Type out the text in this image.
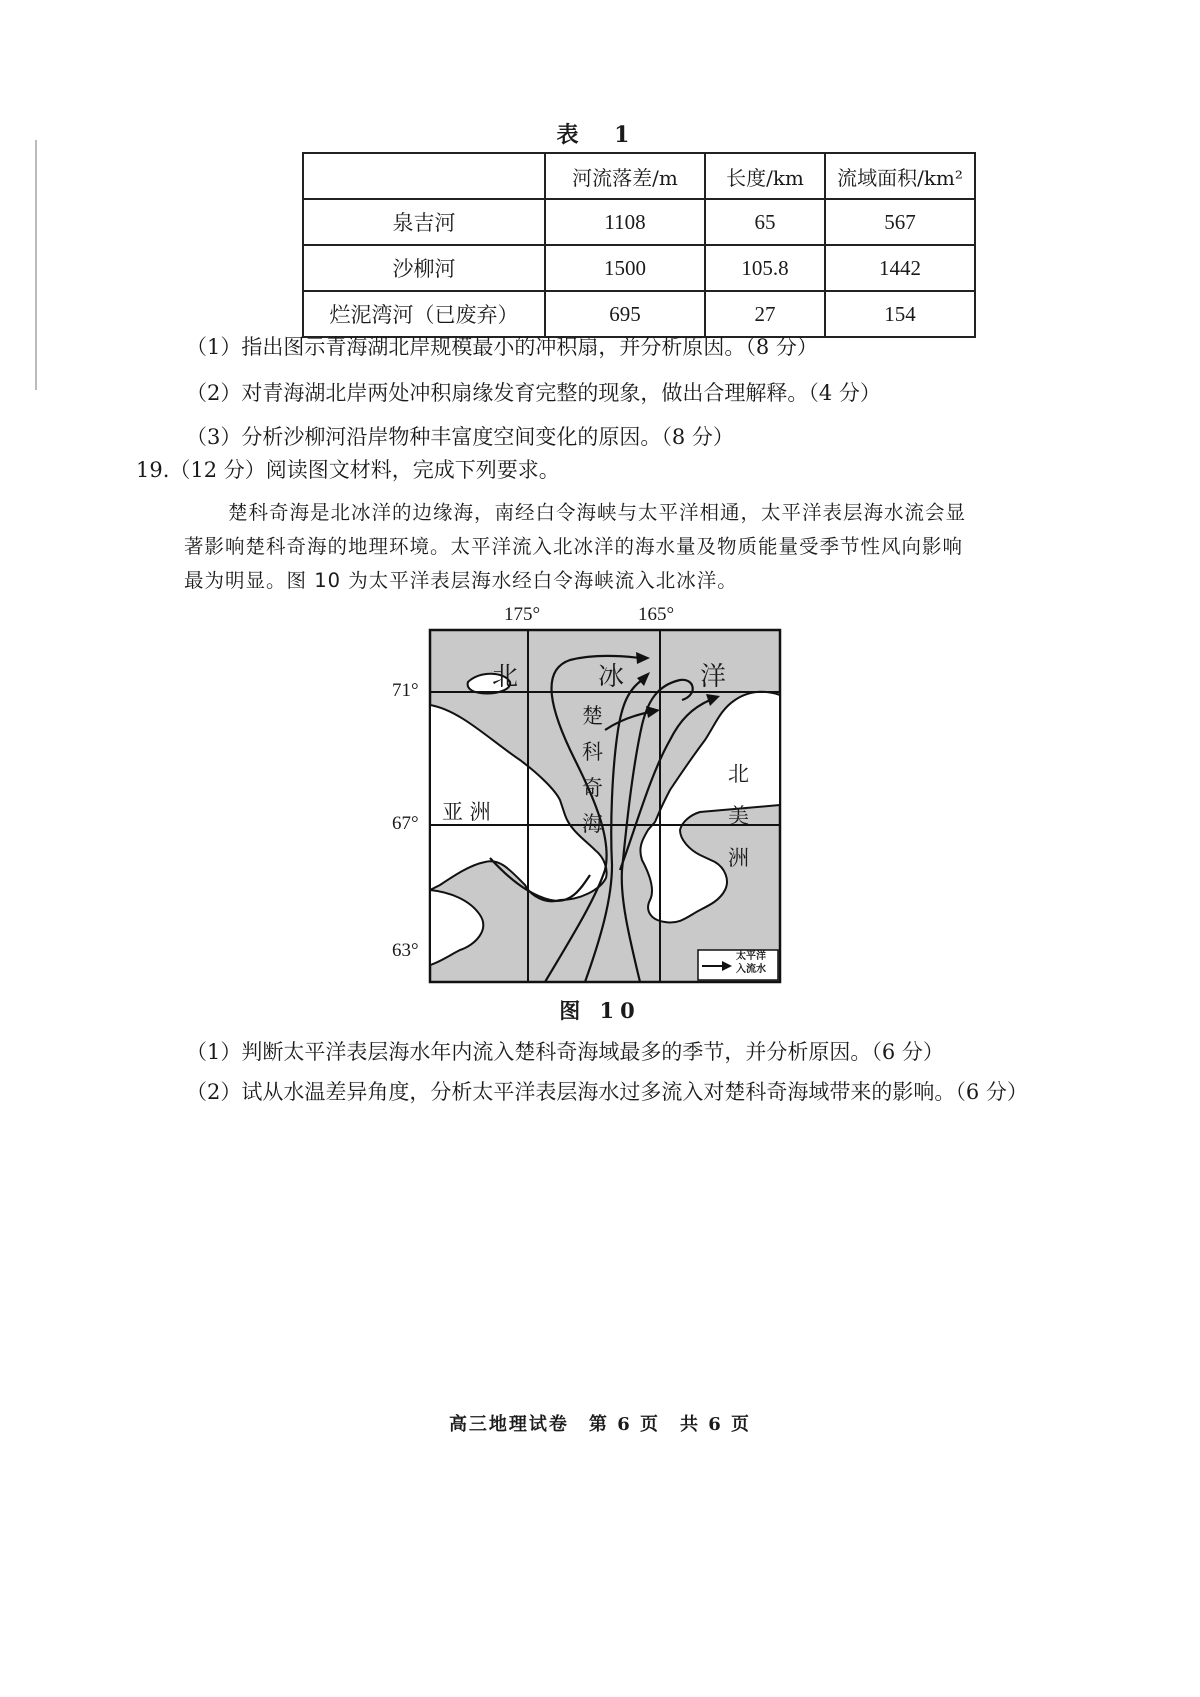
表 1
	河流落差/m	长度/km	流域面积/km²
泉吉河	1108	65	567
沙柳河	1500	105.8	1442
烂泥湾河（已废弃）	695	27	154
（1）指出图示青海湖北岸规模最小的冲积扇，并分析原因。（8 分）
（2）对青海湖北岸两处冲积扇缘发育完整的现象，做出合理解释。（4 分）
（3）分析沙柳河沿岸物种丰富度空间变化的原因。（8 分）
19.（12 分）阅读图文材料，完成下列要求。
楚科奇海是北冰洋的边缘海，南经白令海峡与太平洋相通，太平洋表层海水流会显
著影响楚科奇海的地理环境。太平洋流入北冰洋的海水量及物质能量受季节性风向影响
最为明显。图 10 为太平洋表层海水经白令海峡流入北冰洋。
175°	165°
71°
67°
63°
北	冰	洋
楚
科
奇
海
亚 洲
北
美
洲
太平洋
入流水
图 10
（1）判断太平洋表层海水年内流入楚科奇海域最多的季节，并分析原因。（6 分）
（2）试从水温差异角度，分析太平洋表层海水过多流入对楚科奇海域带来的影响。（6 分）
高三地理试卷　第 6 页　共 6 页
